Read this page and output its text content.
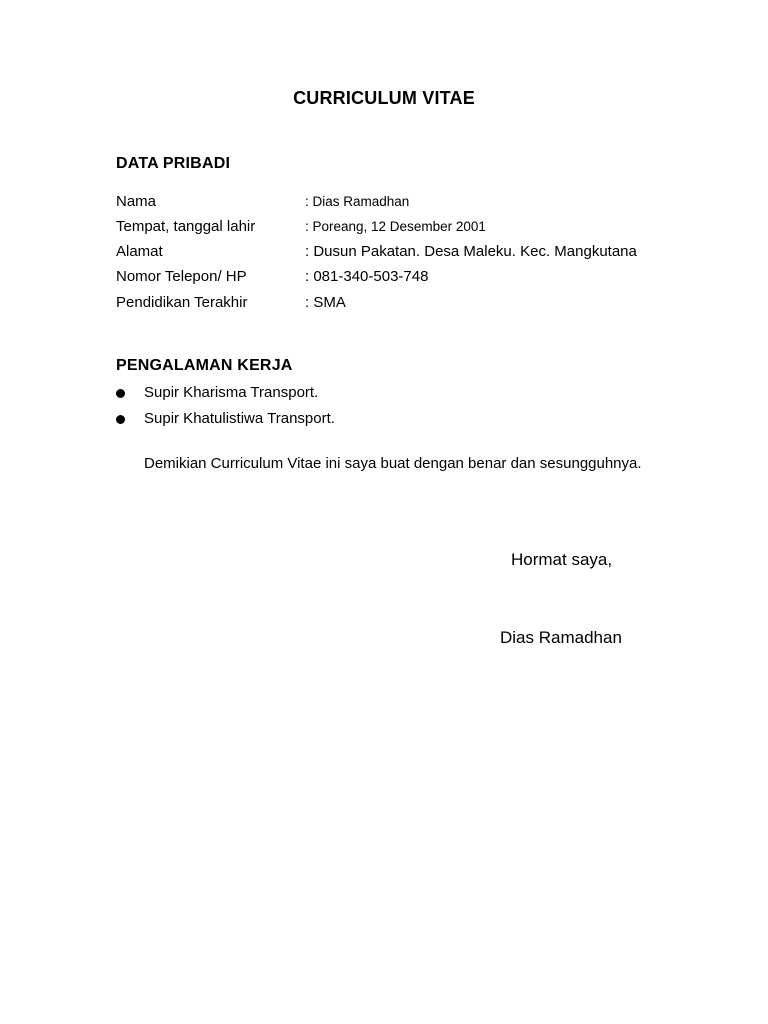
CURRICULUM VITAE
DATA PRIBADI
Nama	: Dias Ramadhan
Tempat, tanggal lahir	: Poreang, 12 Desember 2001
Alamat	: Dusun Pakatan. Desa Maleku. Kec. Mangkutana
Nomor Telepon/ HP	: 081-340-503-748
Pendidikan Terakhir	: SMA
PENGALAMAN KERJA
Supir Kharisma Transport.
Supir Khatulistiwa Transport.
Demikian Curriculum Vitae ini saya buat dengan benar dan sesungguhnya.
Hormat saya,
Dias Ramadhan
